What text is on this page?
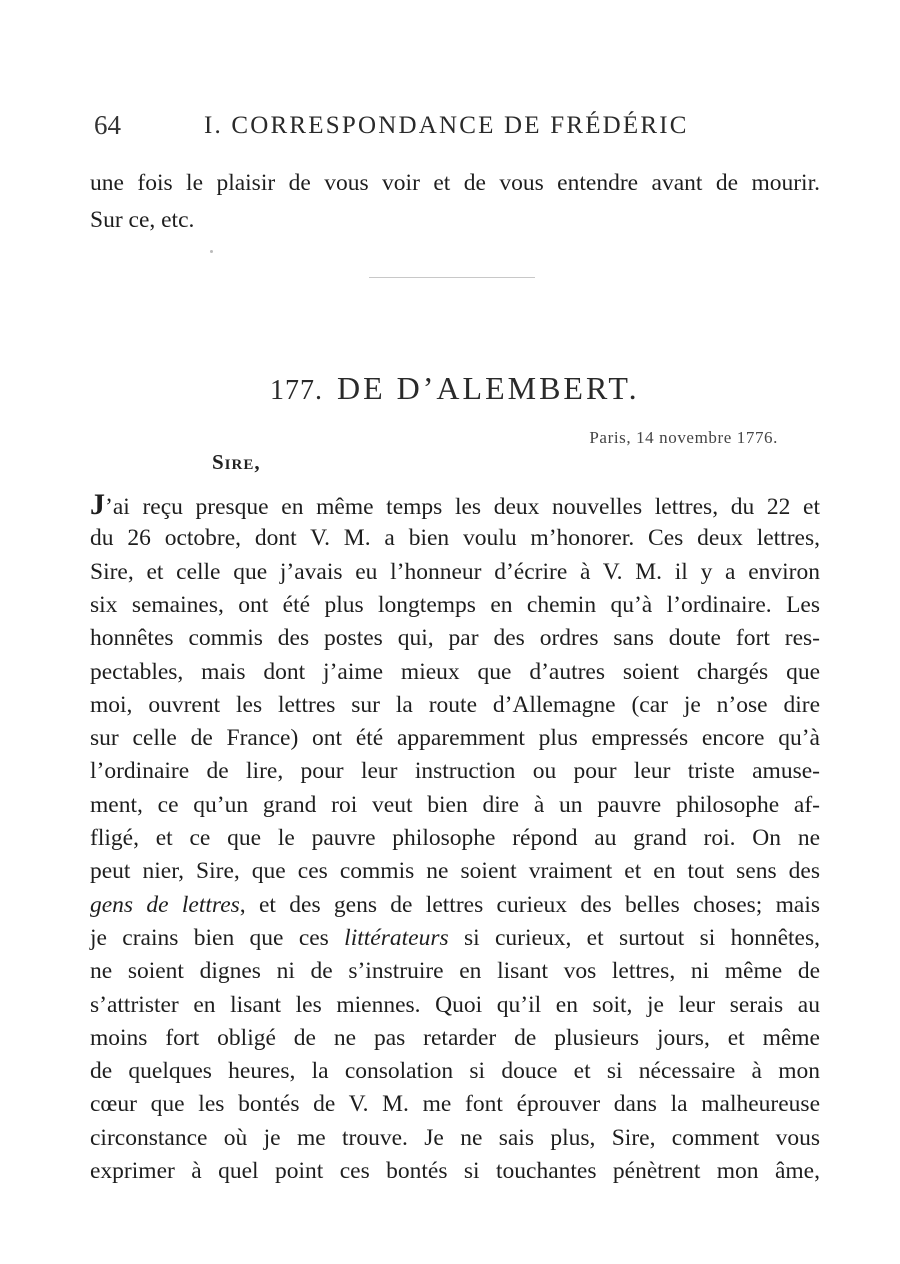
64	I. CORRESPONDANCE DE FRÉDÉRIC
une fois le plaisir de vous voir et de vous entendre avant de mourir.
Sur ce, etc.
177. DE D’ALEMBERT.
Paris, 14 novembre 1776.
Sire,
J’ai reçu presque en même temps les deux nouvelles lettres, du 22 et
du 26 octobre, dont V. M. a bien voulu m’honorer. Ces deux lettres,
Sire, et celle que j’avais eu l’honneur d’écrire à V. M. il y a environ
six semaines, ont été plus longtemps en chemin qu’à l’ordinaire. Les
honnêtes commis des postes qui, par des ordres sans doute fort res-
pectables, mais dont j’aime mieux que d’autres soient chargés que
moi, ouvrent les lettres sur la route d’Allemagne (car je n’ose dire
sur celle de France) ont été apparemment plus empressés encore qu’à
l’ordinaire de lire, pour leur instruction ou pour leur triste amuse-
ment, ce qu’un grand roi veut bien dire à un pauvre philosophe af-
fligé, et ce que le pauvre philosophe répond au grand roi. On ne
peut nier, Sire, que ces commis ne soient vraiment et en tout sens des
gens de lettres, et des gens de lettres curieux des belles choses; mais
je crains bien que ces littérateurs si curieux, et surtout si honnêtes,
ne soient dignes ni de s’instruire en lisant vos lettres, ni même de
s’attrister en lisant les miennes. Quoi qu’il en soit, je leur serais au
moins fort obligé de ne pas retarder de plusieurs jours, et même
de quelques heures, la consolation si douce et si nécessaire à mon
cœur que les bontés de V. M. me font éprouver dans la malheureuse
circonstance où je me trouve. Je ne sais plus, Sire, comment vous
exprimer à quel point ces bontés si touchantes pénètrent mon âme,
